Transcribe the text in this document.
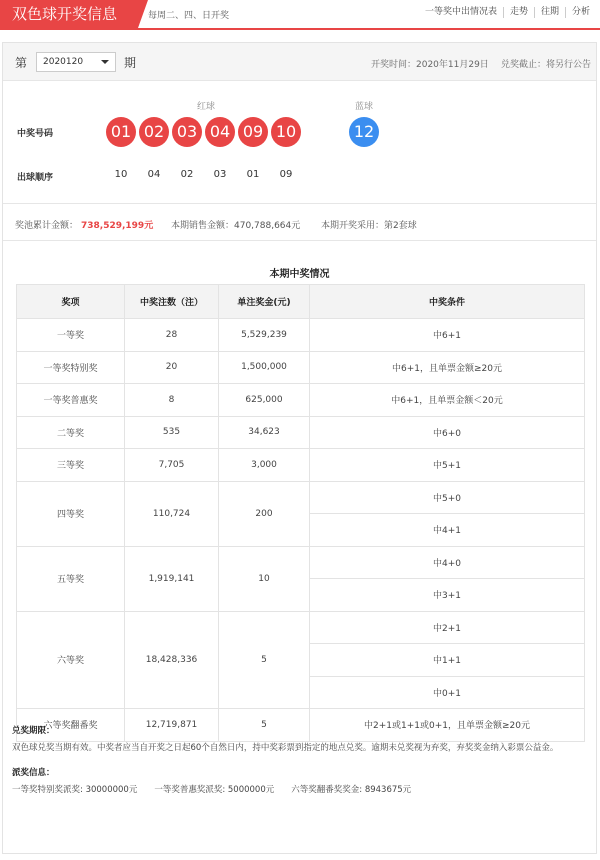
双色球开奖信息	每周二、四、日开奖	一等奖中出情况表	走势	往期	分析
第	2020120	期	开奖时间：2020年11月29日 兑奖截止：将另行公告
红球	蓝球
中奖号码	01 02 03 04 09 10	12
出球顺序	10	04	02	03	01	09
奖池累计金额： 738,529,199元 本期销售金额：470,788,664元 本期开奖采用：第2套球
本期中奖情况
奖项	中奖注数（注）	单注奖金(元)	中奖条件
一等奖	28	5,529,239	中6+1
一等奖特别奖	20	1,500,000	中6+1，且单票金额≥20元
一等奖普惠奖	8	625,000	中6+1，且单票金额＜20元
二等奖	535	34,623	中6+0
三等奖	7,705	3,000	中5+1
四等奖	110,724	200	中5+0
			中4+1
五等奖	1,919,141	10	中4+0
			中3+1
六等奖	18,428,336	5	中2+1
			中1+1
			中0+1
六等奖翻番奖	12,719,871	5	中2+1或1+1或0+1，且单票金额≥20元
兑奖期限：
双色球兑奖当期有效。中奖者应当自开奖之日起60个自然日内，持中奖彩票到指定的地点兑奖。逾期未兑奖视为弃奖，弃奖奖金纳入彩票公益金。
派奖信息：
一等奖特别奖派奖: 30000000元　　一等奖普惠奖派奖: 5000000元　　六等奖翻番奖奖金: 8943675元
